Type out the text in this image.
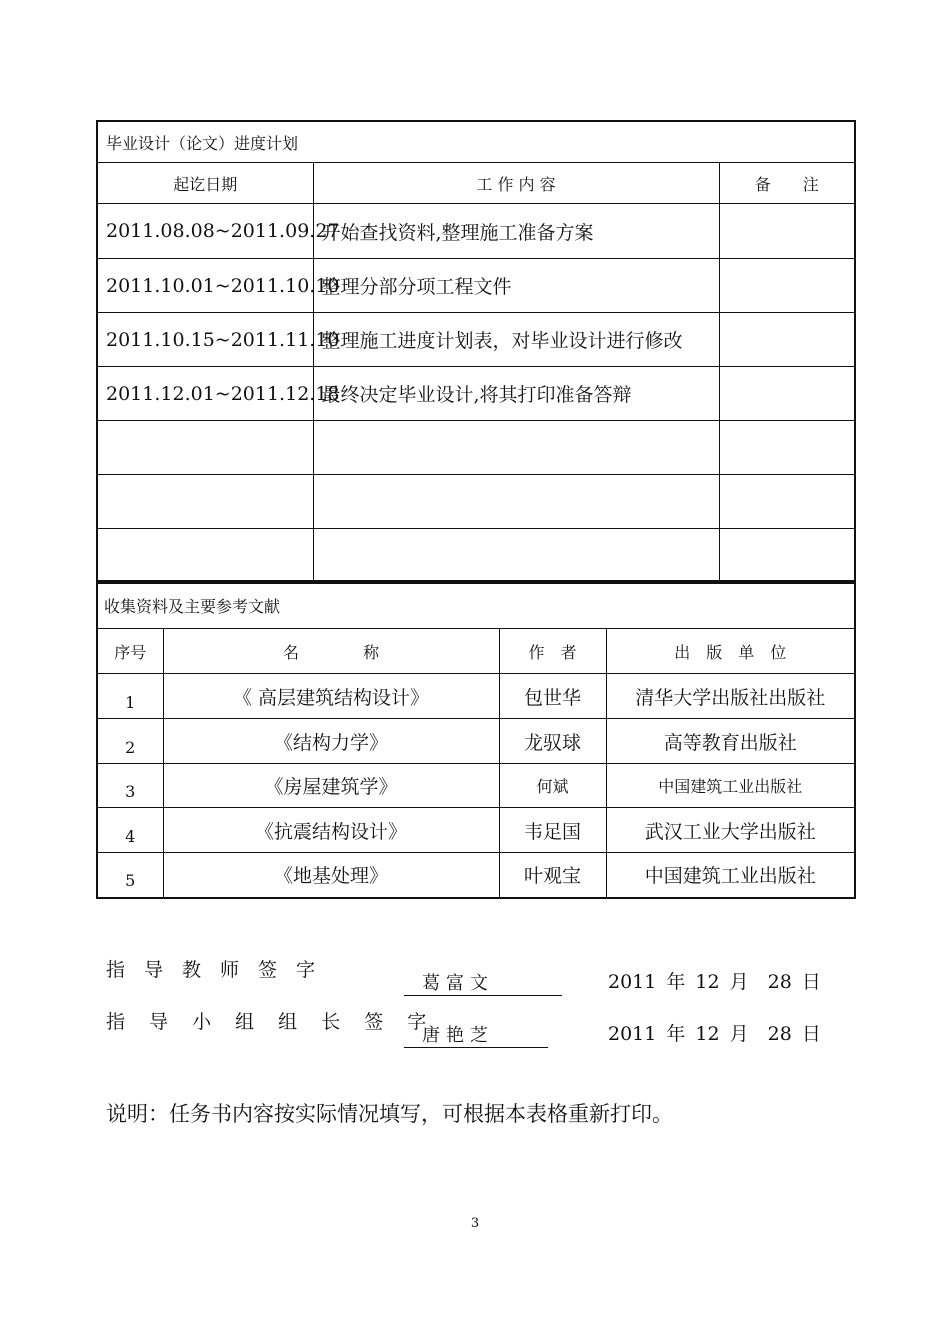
毕业设计（论文）进度计划		
起讫日期	工 作 内 容	备　　注
2011.08.08~2011.09.27	开始查找资料,整理施工准备方案	
2011.10.01~2011.10.10	整理分部分项工程文件	
2011.10.15~2011.11.10	整理施工进度计划表，对毕业设计进行修改	
2011.12.01~2011.12.18	最终决定毕业设计,将其打印准备答辩	

收集资料及主要参考文献			
序号	名　　　　称	作　者	出　版　单　位
1	《 高层建筑结构设计》	包世华	清华大学出版社出版社
2	《结构力学》	龙驭球	高等教育出版社
3	《房屋建筑学》	何斌	中国建筑工业出版社
4	《抗震结构设计》	韦足国	武汉工业大学出版社
5	《地基处理》	叶观宝	中国建筑工业出版社
指　导　教　师　签　字
葛富文	2011 年 12 月　28 日
指 导 小 组 组 长 签 字
唐艳芝	2011 年 12 月　28 日
说明：任务书内容按实际情况填写，可根据本表格重新打印。
3
